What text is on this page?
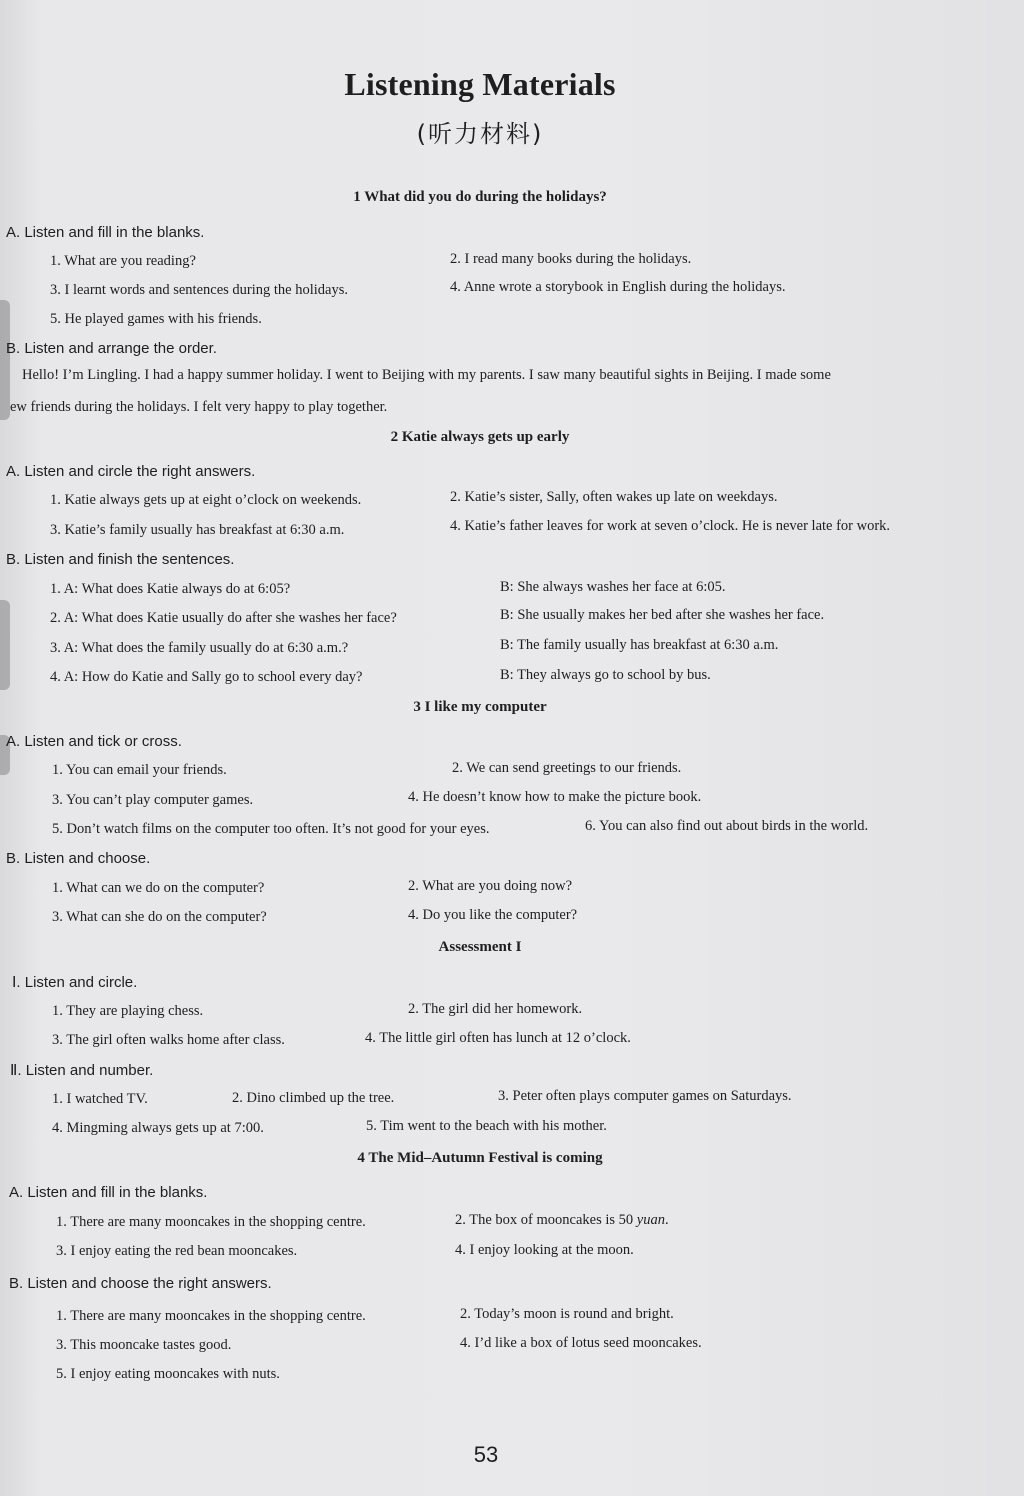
Listening Materials
(听力材料)
1 What did you do during the holidays?
A. Listen and fill in the blanks.
1. What are you reading?	2. I read many books during the holidays.
3. I learnt words and sentences during the holidays.	4. Anne wrote a storybook in English during the holidays.
5. He played games with his friends.
B. Listen and arrange the order.

Hello! I’m Lingling. I had a happy summer holiday. I went to Beijing with my parents. I saw many beautiful sights in Beijing. I made some

ew friends during the holidays. I felt very happy to play together.

2 Katie always gets up early
A. Listen and circle the right answers.
1. Katie always gets up at eight o’clock on weekends.	2. Katie’s sister, Sally, often wakes up late on weekdays.
3. Katie’s family usually has breakfast at 6:30 a.m.	4. Katie’s father leaves for work at seven o’clock. He is never late for work.
B. Listen and finish the sentences.
1. A: What does Katie always do at 6:05?	B: She always washes her face at 6:05.
2. A: What does Katie usually do after she washes her face?	B: She usually makes her bed after she washes her face.
3. A: What does the family usually do at 6:30 a.m.?	B: The family usually has breakfast at 6:30 a.m.
4. A: How do Katie and Sally go to school every day?	B: They always go to school by bus.
3 I like my computer
A. Listen and tick or cross.
1. You can email your friends.	2. We can send greetings to our friends.
3. You can’t play computer games.	4. He doesn’t know how to make the picture book.
5. Don’t watch films on the computer too often. It’s not good for your eyes.	6. You can also find out about birds in the world.
B. Listen and choose.
1. What can we do on the computer?	2. What are you doing now?
3. What can she do on the computer?	4. Do you like the computer?
Assessment I
Ⅰ. Listen and circle.
1. They are playing chess.	2. The girl did her homework.
3. The girl often walks home after class.	4. The little girl often has lunch at 12 o’clock.
Ⅱ. Listen and number.
1. I watched TV.	2. Dino climbed up the tree.	3. Peter often plays computer games on Saturdays.
4. Mingming always gets up at 7:00.	5. Tim went to the beach with his mother.
4 The Mid–Autumn Festival is coming
A. Listen and fill in the blanks.
1. There are many mooncakes in the shopping centre.	2. The box of mooncakes is 50 yuan.
3. I enjoy eating the red bean mooncakes.	4. I enjoy looking at the moon.
B. Listen and choose the right answers.
1. There are many mooncakes in the shopping centre.	2. Today’s moon is round and bright.
3. This mooncake tastes good.	4. I’d like a box of lotus seed mooncakes.
5. I enjoy eating mooncakes with nuts.
53
